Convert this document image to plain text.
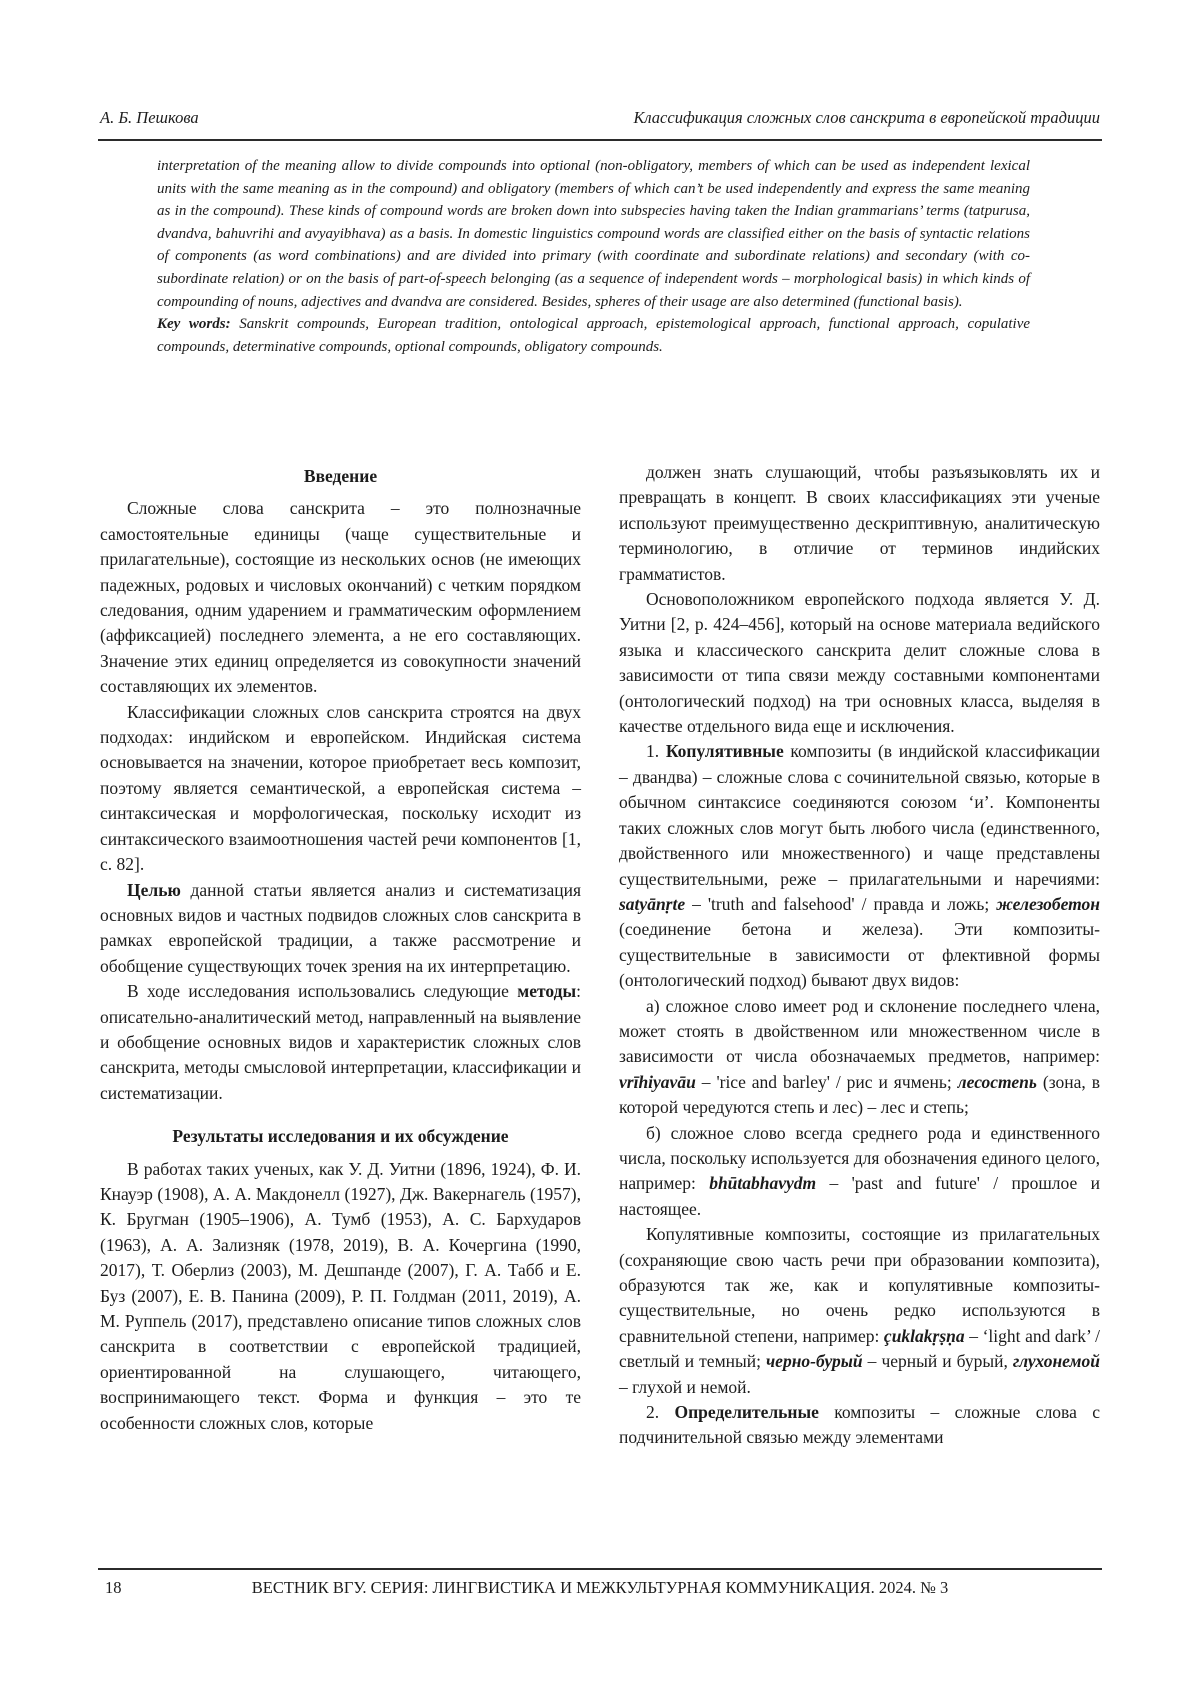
А. Б. Пешкова	Классификация сложных слов санскрита в европейской традиции

interpretation of the meaning allow to divide compounds into optional (non-obligatory, members of which can be used as independent lexical units with the same meaning as in the compound) and obligatory (members of which can’t be used independently and express the same meaning as in the compound). These kinds of compound words are broken down into subspecies having taken the Indian grammarians’ terms (tatpurusa, dvandva, bahuvrihi and avyayibhava) as a basis. In domestic linguistics compound words are classified either on the basis of syntactic relations of components (as word combinations) and are divided into primary (with coordinate and subordinate relations) and secondary (with co-subordinate relation) or on the basis of part-of-speech belonging (as a sequence of independent words – morphological basis) in which kinds of compounding of nouns, adjectives and dvandva are considered. Besides, spheres of their usage are also determined (functional basis).

Key words: Sanskrit compounds, European tradition, ontological approach, epistemological approach, functional approach, copulative compounds, determinative compounds, optional compounds, obligatory compounds.

Введение

Сложные слова санскрита – это полнозначные самостоятельные единицы (чаще существительные и прилагательные), состоящие из нескольких основ (не имеющих падежных, родовых и числовых окончаний) с четким порядком следования, одним ударением и грамматическим оформлением (аффиксацией) последнего элемента, а не его составляющих. Значение этих единиц определяется из совокупности значений составляющих их элементов.

Классификации сложных слов санскрита строятся на двух подходах: индийском и европейском. Индийская система основывается на значении, которое приобретает весь композит, поэтому является семантической, а европейская система – синтаксическая и морфологическая, поскольку исходит из синтаксического взаимоотношения частей речи компонентов [1, с. 82].

Целью данной статьи является анализ и систематизация основных видов и частных подвидов сложных слов санскрита в рамках европейской традиции, а также рассмотрение и обобщение существующих точек зрения на их интерпретацию.

В ходе исследования использовались следующие методы: описательно-аналитический метод, направленный на выявление и обобщение основных видов и характеристик сложных слов санскрита, методы смысловой интерпретации, классификации и систематизации.

Результаты исследования и их обсуждение

В работах таких ученых, как У. Д. Уитни (1896, 1924), Ф. И. Кнауэр (1908), А. А. Макдонелл (1927), Дж. Вакернагель (1957), К. Бругман (1905–1906), А. Тумб (1953), А. С. Бархударов (1963), А. А. Зализняк (1978, 2019), В. А. Кочергина (1990, 2017), Т. Оберлиз (2003), М. Дешпанде (2007), Г. А. Табб и Е. Буз (2007), Е. В. Панина (2009), Р. П. Голдман (2011, 2019), А. М. Руппель (2017), представлено описание типов сложных слов санскрита в соответствии с европейской традицией, ориентированной на слушающего, читающего, воспринимающего текст. Форма и функция – это те особенности сложных слов, которые

должен знать слушающий, чтобы разъязыковлять их и превращать в концепт. В своих классификациях эти ученые используют преимущественно дескриптивную, аналитическую терминологию, в отличие от терминов индийских грамматистов.

Основоположником европейского подхода является У. Д. Уитни [2, p. 424–456], который на основе материала ведийского языка и классического санскрита делит сложные слова в зависимости от типа связи между составными компонентами (онтологический подход) на три основных класса, выделяя в качестве отдельного вида еще и исключения.

1. Копулятивные композиты (в индийской классификации – двандва) – сложные слова с сочинительной связью, которые в обычном синтаксисе соединяются союзом ‘и’. Компоненты таких сложных слов могут быть любого числа (единственного, двойственного или множественного) и чаще представлены существительными, реже – прилагательными и наречиями: satyānṛte – 'truth and falsehood' / правда и ложь; железобетон (соединение бетона и железа). Эти композиты-существительные в зависимости от флективной формы (онтологический подход) бывают двух видов:

а) сложное слово имеет род и склонение последнего члена, может стоять в двойственном или множественном числе в зависимости от числа обозначаемых предметов, например: vrīhiyavāu – 'rice and barley' / рис и ячмень; лесостепь (зона, в которой чередуются степь и лес) – лес и степь;

б) сложное слово всегда среднего рода и единственного числа, поскольку используется для обозначения единого целого, например: bhūtabhavydm – 'past and future' / прошлое и настоящее.

Копулятивные композиты, состоящие из прилагательных (сохраняющие свою часть речи при образовании композита), образуются так же, как и копулятивные композиты-существительные, но очень редко используются в сравнительной степени, например: çuklakṛṣṇa – ‘light and dark’ / светлый и темный; черно-бурый – черный и бурый, глухонемой – глухой и немой.

2. Определительные композиты – сложные слова с подчинительной связью между элементами

18	ВЕСТНИК ВГУ. СЕРИЯ: ЛИНГВИСТИКА И МЕЖКУЛЬТУРНАЯ КОММУНИКАЦИЯ. 2024. № 3
